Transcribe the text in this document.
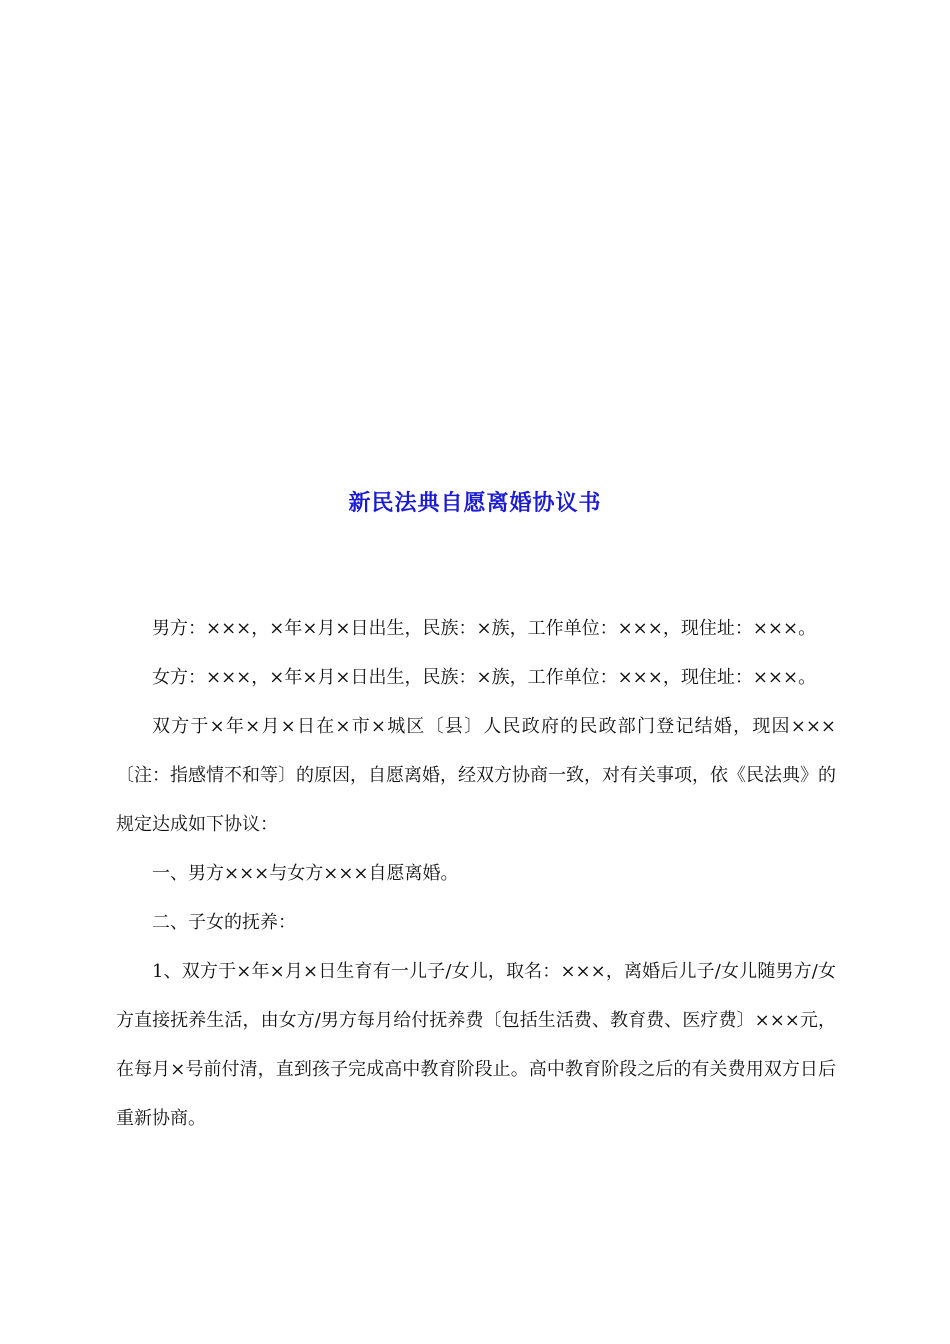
新民法典自愿离婚协议书

男方：×××，×年×月×日出生，民族：×族，工作单位：×××，现住址：×××。

女方：×××，×年×月×日出生，民族：×族，工作单位：×××，现住址：×××。

双方于×年×月×日在×市×城区〔县〕人民政府的民政部门登记结婚，现因×××〔注：指感情不和等〕的原因，自愿离婚，经双方协商一致，对有关事项，依《民法典》的规定达成如下协议：

一、男方×××与女方×××自愿离婚。

二、子女的抚养：

1、双方于×年×月×日生育有一儿子/女儿，取名：×××，离婚后儿子/女儿随男方/女方直接抚养生活，由女方/男方每月给付抚养费〔包括生活费、教育费、医疗费〕×××元，在每月×号前付清，直到孩子完成高中教育阶段止。高中教育阶段之后的有关费用双方日后重新协商。
